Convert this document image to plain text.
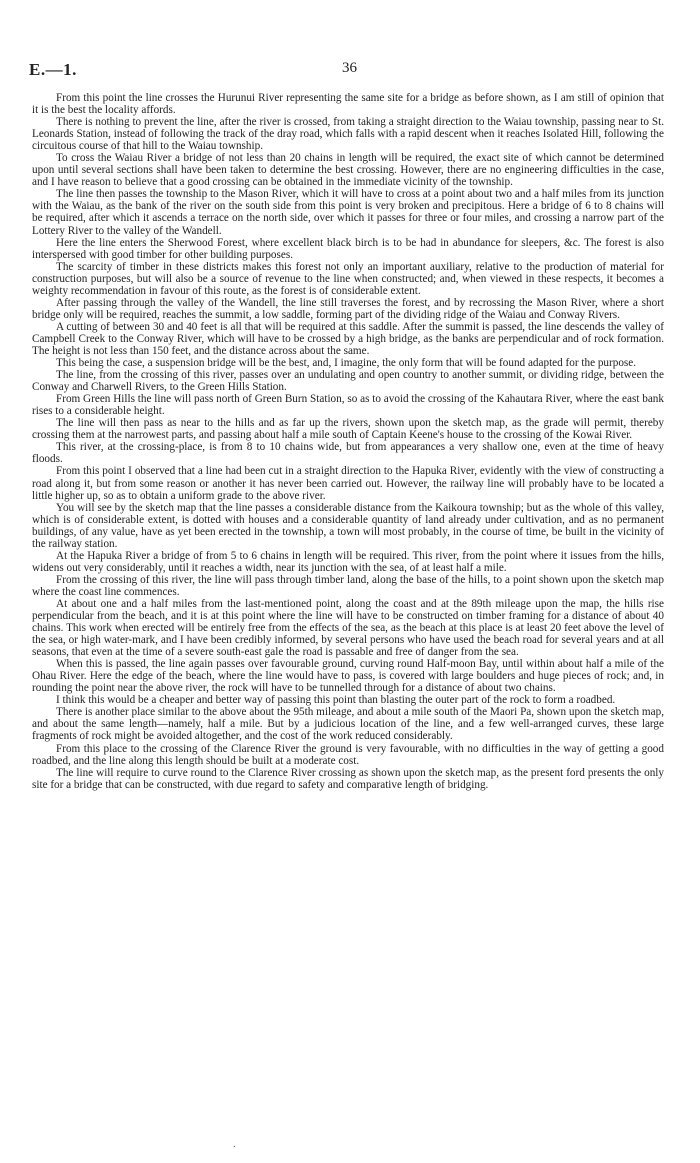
E.—1.	36

From this point the line crosses the Hurunui River representing the same site for a bridge as before shown, as I am still of opinion that it is the best the locality affords.

There is nothing to prevent the line, after the river is crossed, from taking a straight direction to the Waiau township, passing near to St. Leonards Station, instead of following the track of the dray road, which falls with a rapid descent when it reaches Isolated Hill, following the circuitous course of that hill to the Waiau township.

To cross the Waiau River a bridge of not less than 20 chains in length will be required, the exact site of which cannot be determined upon until several sections shall have been taken to determine the best crossing. However, there are no engineering difficulties in the case, and I have reason to believe that a good crossing can be obtained in the immediate vicinity of the township.

The line then passes the township to the Mason River, which it will have to cross at a point about two and a half miles from its junction with the Waiau, as the bank of the river on the south side from this point is very broken and precipitous. Here a bridge of 6 to 8 chains will be required, after which it ascends a terrace on the north side, over which it passes for three or four miles, and crossing a narrow part of the Lottery River to the valley of the Wandell.

Here the line enters the Sherwood Forest, where excellent black birch is to be had in abundance for sleepers, &c. The forest is also interspersed with good timber for other building purposes.

The scarcity of timber in these districts makes this forest not only an important auxiliary, relative to the production of material for construction purposes, but will also be a source of revenue to the line when constructed; and, when viewed in these respects, it becomes a weighty recommendation in favour of this route, as the forest is of considerable extent.

After passing through the valley of the Wandell, the line still traverses the forest, and by recrossing the Mason River, where a short bridge only will be required, reaches the summit, a low saddle, forming part of the dividing ridge of the Waiau and Conway Rivers.

A cutting of between 30 and 40 feet is all that will be required at this saddle. After the summit is passed, the line descends the valley of Campbell Creek to the Conway River, which will have to be crossed by a high bridge, as the banks are perpendicular and of rock formation. The height is not less than 150 feet, and the distance across about the same.

This being the case, a suspension bridge will be the best, and, I imagine, the only form that will be found adapted for the purpose.

The line, from the crossing of this river, passes over an undulating and open country to another summit, or dividing ridge, between the Conway and Charwell Rivers, to the Green Hills Station.

From Green Hills the line will pass north of Green Burn Station, so as to avoid the crossing of the Kahautara River, where the east bank rises to a considerable height.

The line will then pass as near to the hills and as far up the rivers, shown upon the sketch map, as the grade will permit, thereby crossing them at the narrowest parts, and passing about half a mile south of Captain Keene's house to the crossing of the Kowai River.

This river, at the crossing-place, is from 8 to 10 chains wide, but from appearances a very shallow one, even at the time of heavy floods.

From this point I observed that a line had been cut in a straight direction to the Hapuka River, evidently with the view of constructing a road along it, but from some reason or another it has never been carried out. However, the railway line will probably have to be located a little higher up, so as to obtain a uniform grade to the above river.

You will see by the sketch map that the line passes a considerable distance from the Kaikoura township; but as the whole of this valley, which is of considerable extent, is dotted with houses and a considerable quantity of land already under cultivation, and as no permanent buildings, of any value, have as yet been erected in the township, a town will most probably, in the course of time, be built in the vicinity of the railway station.

At the Hapuka River a bridge of from 5 to 6 chains in length will be required. This river, from the point where it issues from the hills, widens out very considerably, until it reaches a width, near its junction with the sea, of at least half a mile.

From the crossing of this river, the line will pass through timber land, along the base of the hills, to a point shown upon the sketch map where the coast line commences.

At about one and a half miles from the last-mentioned point, along the coast and at the 89th mileage upon the map, the hills rise perpendicular from the beach, and it is at this point where the line will have to be constructed on timber framing for a distance of about 40 chains. This work when erected will be entirely free from the effects of the sea, as the beach at this place is at least 20 feet above the level of the sea, or high water-mark, and I have been credibly informed, by several persons who have used the beach road for several years and at all seasons, that even at the time of a severe south-east gale the road is passable and free of danger from the sea.

When this is passed, the line again passes over favourable ground, curving round Half-moon Bay, until within about half a mile of the Ohau River. Here the edge of the beach, where the line would have to pass, is covered with large boulders and huge pieces of rock; and, in rounding the point near the above river, the rock will have to be tunnelled through for a distance of about two chains.

I think this would be a cheaper and better way of passing this point than blasting the outer part of the rock to form a roadbed.

There is another place similar to the above about the 95th mileage, and about a mile south of the Maori Pa, shown upon the sketch map, and about the same length—namely, half a mile. But by a judicious location of the line, and a few well-arranged curves, these large fragments of rock might be avoided altogether, and the cost of the work reduced considerably.

From this place to the crossing of the Clarence River the ground is very favourable, with no difficulties in the way of getting a good roadbed, and the line along this length should be built at a moderate cost.

The line will require to curve round to the Clarence River crossing as shown upon the sketch map, as the present ford presents the only site for a bridge that can be constructed, with due regard to safety and comparative length of bridging.

.
